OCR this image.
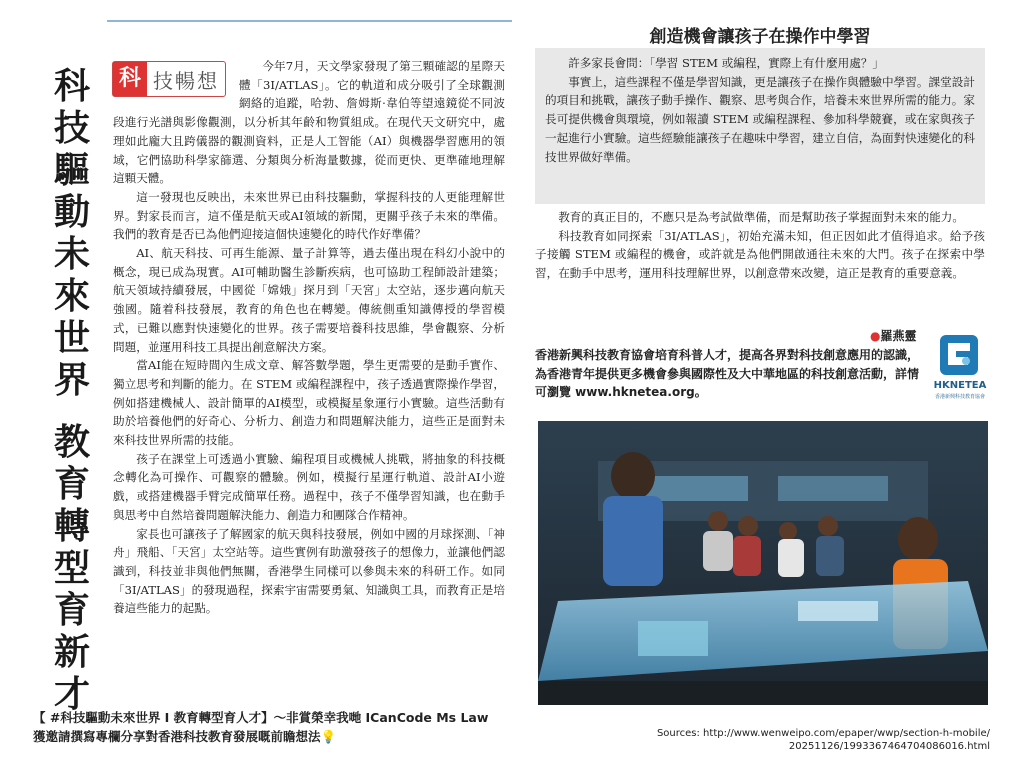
科
技
驅
動
未
來
世
界
教
育
轉
型
育
新
才
科 技暢想

今年7月，天文學家發現了第三顆確認的星際天體「3I/ATLAS」。它的軌道和成分吸引了全球觀測網絡的追蹤，哈勃、詹姆斯·韋伯等望遠鏡從不同波段進行光譜與影像觀測，以分析其年齡和物質組成。在現代天文研究中，處理如此龐大且跨儀器的觀測資料，正是人工智能（AI）與機器學習應用的領域，它們協助科學家篩選、分類與分析海量數據，從而更快、更準確地理解這顆天體。

這一發現也反映出，未來世界已由科技驅動，掌握科技的人更能理解世界。對家長而言，這不僅是航天或AI領域的新聞，更關乎孩子未來的準備。我們的教育是否已為他們迎接這個快速變化的時代作好準備？

AI、航天科技、可再生能源、量子計算等，過去僅出現在科幻小說中的概念，現已成為現實。AI可輔助醫生診斷疾病，也可協助工程師設計建築；航天領域持續發展，中國從「嫦娥」探月到「天宮」太空站，逐步邁向航天強國。隨着科技發展，教育的角色也在轉變。傳統側重知識傳授的學習模式，已難以應對快速變化的世界。孩子需要培養科技思維，學會觀察、分析問題，並運用科技工具提出創意解決方案。

當AI能在短時間內生成文章、解答數學題，學生更需要的是動手實作、獨立思考和判斷的能力。在 STEM 或編程課程中，孩子透過實際操作學習，例如搭建機械人、設計簡單的AI模型，或模擬星象運行小實驗。這些活動有助於培養他們的好奇心、分析力、創造力和問題解決能力，這些正是面對未來科技世界所需的技能。

孩子在課堂上可透過小實驗、編程項目或機械人挑戰，將抽象的科技概念轉化為可操作、可觀察的體驗。例如，模擬行星運行軌道、設計AI小遊戲，或搭建機器手臂完成簡單任務。過程中，孩子不僅學習知識，也在動手與思考中自然培養問題解決能力、創造力和團隊合作精神。

家長也可讓孩子了解國家的航天與科技發展，例如中國的月球探測、「神舟」飛船、「天宮」太空站等。這些實例有助激發孩子的想像力，並讓他們認識到，科技並非與他們無關，香港學生同樣可以參與未來的科研工作。如同「3I/ATLAS」的發現過程，探索宇宙需要勇氣、知識與工具，而教育正是培養這些能力的起點。

創造機會讓孩子在操作中學習

許多家長會問：「學習 STEM 或編程，實際上有什麼用處？」

事實上，這些課程不僅是學習知識，更是讓孩子在操作與體驗中學習。課堂設計的項目和挑戰，讓孩子動手操作、觀察、思考與合作，培養未來世界所需的能力。家長可提供機會與環境，例如報讀 STEM 或編程課程、參加科學競賽，或在家與孩子一起進行小實驗。這些經驗能讓孩子在趣味中學習，建立自信，為面對快速變化的科技世界做好準備。

教育的真正目的，不應只是為考試做準備，而是幫助孩子掌握面對未來的能力。

科技教育如同探索「3I/ATLAS」，初始充滿未知，但正因如此才值得追求。給予孩子接觸 STEM 或編程的機會，或許就是為他們開啟通往未來的大門。孩子在探索中學習，在動手中思考，運用科技理解世界，以創意帶來改變，這正是教育的重要意義。

●羅燕靈
香港新興科技教育協會培育科普人才，提高各界對科技創意應用的認識，為香港青年提供更多機會參與國際性及大中華地區的科技創意活動，詳情可瀏覽 www.hknetea.org。	HKNETEA
香港新興科技教育協會
【 #科技驅動未來世界 I 教育轉型育人才】～非賞榮幸我哋 ICanCode Ms Law
獲邀請撰寫專欄分享對香港科技教育發展嘅前瞻想法💡	Sources: http://www.wenweipo.com/epaper/wwp/section-h-mobile/
20251126/1993367464704086016.html
